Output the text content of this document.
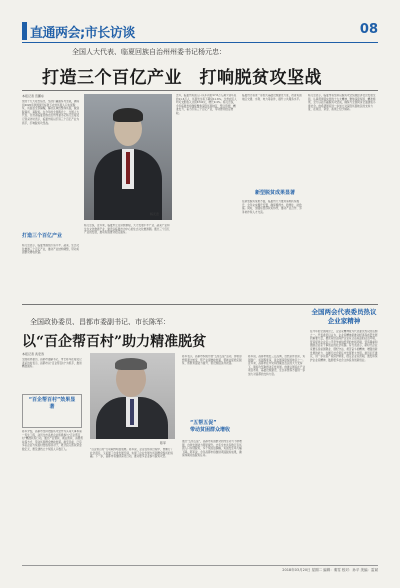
直通两会;市长访谈	08
全国人大代表、临夏回族自治州州委书记杨元忠：
打造三个百亿产业　打响脱贫攻坚战
本报记者 范鹏东
党的十九大报告指出，坚决打赢脱贫攻坚战，确保到2020年我国现行标准下农村贫困人口实现脱贫，贫困县全部摘帽，解决区域性整体贫困，做到脱真贫、真脱贫。在今年的全国两会上，全国人大代表、甘肃省临夏回族自治州州委书记杨元忠接受记者采访时表示，临夏州将以打造三个百亿产业为抓手，打响脱贫攻坚战。
打造三个百亿产业
杨元忠表示，临夏州围绕打造牛羊、蔬菜、生态文化旅游三个百亿产业，推动产业结构调整，带动贫困群众增收致富。
杨元忠
杨元忠说，近年来，临夏州立足资源禀赋，大力发展牛羊产业、蔬菜产业和生态文化旅游产业，建设以临夏市为中心的生态文化旅游圈。通过三个百亿产业的发展，推动贫困群众稳定脱贫。
去年，临夏州贫困人口从年初的17.8万人减少到年底的11.6万人，贫困发生率下降到11.6%。全州农民人均可支配收入达到6740元，增长9.4%。杨元忠说，今年临夏州将继续聚焦深度贫困地区，整合资源，精准发力，着力打造三个百亿产业，带动群众稳定增收。
临夏州还将进一步加大基础设施建设力度，改善贫困地区交通、水利、电力等条件，提升公共服务水平。
新型脱贫成果显著
在新型脱贫成果方面，临夏州大力推进易地扶贫搬迁，全年完成搬迁安置，确保搬得出、稳得住、能致富。同时，加强东西部扶贫协作，推动产业合作、劳务协作和人才交流。
杨元忠表示，临夏州将坚持以脱贫攻坚统揽经济社会发展全局，认真贯彻落实党的十九大精神，聚焦深度贫困，精准施策，全力以赴打赢脱贫攻坚战，确保与全国同步全面建成小康社会。他希望国家进一步加大对深度贫困地区的支持力度，在项目、资金、政策上给予倾斜。
全国政协委员、昌都市委副书记、市长陈军：
以“百企帮百村”助力精准脱贫
本报记者 武宏涛
全国政协委员、昌都市委副书记、市长陈军在接受记者采访时表示，昌都市以“百企帮百村”为抓手，推进精准脱贫。
“百企帮百村”效果显著
陈军介绍，昌都市坚持把脱贫攻坚作为头等大事和第一民生工程，动员全市各类企业积极参与“百企帮百村”精准扶贫行动，通过产业帮扶、就业帮扶、消费帮扶等方式，带动贫困群众增收致富。截至目前，已有多家企业与贫困村结成帮扶对子，累计投入帮扶资金数亿元，惠及建档立卡贫困人口数万人。
陈军
“百企帮百村”行动取得明显成效。陈军说，企业在帮扶过程中，既履行了社会责任，又拓展了自身发展空间，实现了企业发展与贫困群众脱贫的双赢。下一步，昌都市将继续深化行动，推动更多企业参与脱贫攻坚。
陈军表示，昌都市积极开展“五帮五促”活动，即帮思想促观念转变、帮产业促增收致富、帮就业促稳定脱贫、帮教育促能力提升、帮设施促条件改善。
“五帮五促”
带动贫困群众增收
通过“五帮五促”，昌都市贫困群众的内生动力不断增强，自我发展能力明显提升。去年全市共有数万名贫困人口实现脱贫，多个贫困县摘帽，贫困发生率大幅下降。陈军说，今年昌都市将继续巩固脱贫成果，确保如期完成脱贫任务。
陈军说，昌都市地处三江流域，自然条件恶劣，贫困面广、贫困程度深，是全国深度贫困地区之一。近年来，昌都市在中央和西藏自治区的大力支持下，脱贫攻坚取得决定性进展。他建议国家在产业项目布局、基础设施建设、生态补偿等方面进一步加大对昌都的支持力度。
全国两会代表委员热议企业家精神
在今年的全国两会上，企业家精神成为代表委员热议的话题之一。代表委员们认为，企业家精神是推动经济高质量发展的重要力量，要营造依法保护企业家合法权益的法治环境，营造促进企业家公平竞争诚信经营的市场环境，营造尊重和激励企业家干事创业的社会氛围。有代表表示，新时代企业家要弘扬爱国敬业、遵纪守法、艰苦奋斗的精神，增强创新发展的能力，在履行社会责任中发挥更大作用。委员们还建议，进一步完善产权保护制度，稳定企业家预期，激发和保护企业家精神，鼓励更多社会主体投身创新创业。
2018年03月20日 星期二 编辑：秦雪 校对：孙平 美编：雷斌
